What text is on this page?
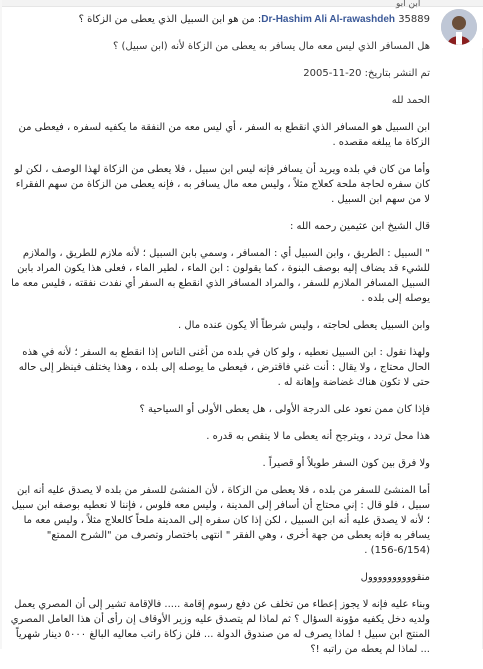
ابن ابو

Dr-Hashim Ali Al-rawashdeh 35889: من هو ابن السبيل الذي يعطى من الزكاة ؟

هل المسافر الذي ليس معه مال يسافر به يعطى من الزكاة لأنه (ابن سبيل) ؟

تم النشر بتاريخ: 20-11-2005

الحمد لله

ابن السبيل هو المسافر الذي انقطع به السفر ، أي ليس معه من النفقة ما يكفيه لسفره ، فيعطى من الزكاة ما يبلغه مقصده .

وأما من كان في بلده ويريد أن يسافر فإنه ليس ابن سبيل ، فلا يعطى من الزكاة لهذا الوصف ، لكن لو كان سفره لحاجة ملحة كعلاج مثلاً ، وليس معه مال يسافر به ، فإنه يعطى من الزكاة من سهم الفقراء لا من سهم ابن السبيل .

قال الشيخ ابن عثيمين رحمه الله :

" السبيل : الطريق ، وابن السبيل أي : المسافر ، وسمي بابن السبيل ؛ لأنه ملازم للطريق ، والملازم للشيء قد يضاف إليه بوصف البنوة ، كما يقولون : ابن الماء ، لطير الماء ، فعلى هذا يكون المراد بابن السبيل المسافر الملازم للسفر ، والمراد المسافر الذي انقطع به السفر أي نفدت نفقته ، فليس معه ما يوصله إلى بلده .

وابن السبيل يعطى لحاجته ، وليس شرطاً ألا يكون عنده مال .

ولهذا نقول : ابن السبيل نعطيه ، ولو كان في بلده من أغنى الناس إذا انقطع به السفر ؛ لأنه في هذه الحال محتاج ، ولا يقال : أنت غني فاقترض ، فيعطى ما يوصله إلى بلده ، وهذا يختلف فينظر إلى حاله حتى لا تكون هناك غضاضة وإهانة له .

فإذا كان ممن نعود على الدرجة الأولى ، هل يعطى الأولى أو السياحية ؟

هذا محل تردد ، ويترجح أنه يعطى ما لا ينقص به قدره .

ولا فرق بين كون السفر طويلاً أو قصيراً .

أما المنشئ للسفر من بلده ، فلا يعطى من الزكاة ، لأن المنشئ للسفر من بلده لا يصدق عليه أنه ابن سبيل ، فلو قال : إني محتاج أن أسافر إلى المدينة ، وليس معه فلوس ، فإننا لا نعطيه بوصفه ابن سبيل ؛ لأنه لا يصدق عليه أنه ابن السبيل ، لكن إذا كان سفره إلى المدينة ملحاً كالعلاج مثلاً ، وليس معه ما يسافر به فإنه يعطى من جهة أخرى ، وهي الفقر " انتهى باختصار وتصرف من "الشرح الممتع" (6/154-156) .

منقوووووووووول

وبناء عليه فإنه لا يجوز إعطاء من تخلف عن دفع رسوم إقامة ..... فالإقامة تشير إلى أن المصري يعمل ولديه دخل يكفيه مؤونة السؤال ؟ ثم لماذا لم يتصدق عليه وزير الأوقاف إن رأى أن هذا العامل المصري المنتج ابن سبيل ! لماذا يصرف له من صندوق الدولة ... فلن زكاة راتب معاليه البالغ ٥٠٠٠ دينار شهرياً ... لماذا لم يعطه من راتبه !؟
